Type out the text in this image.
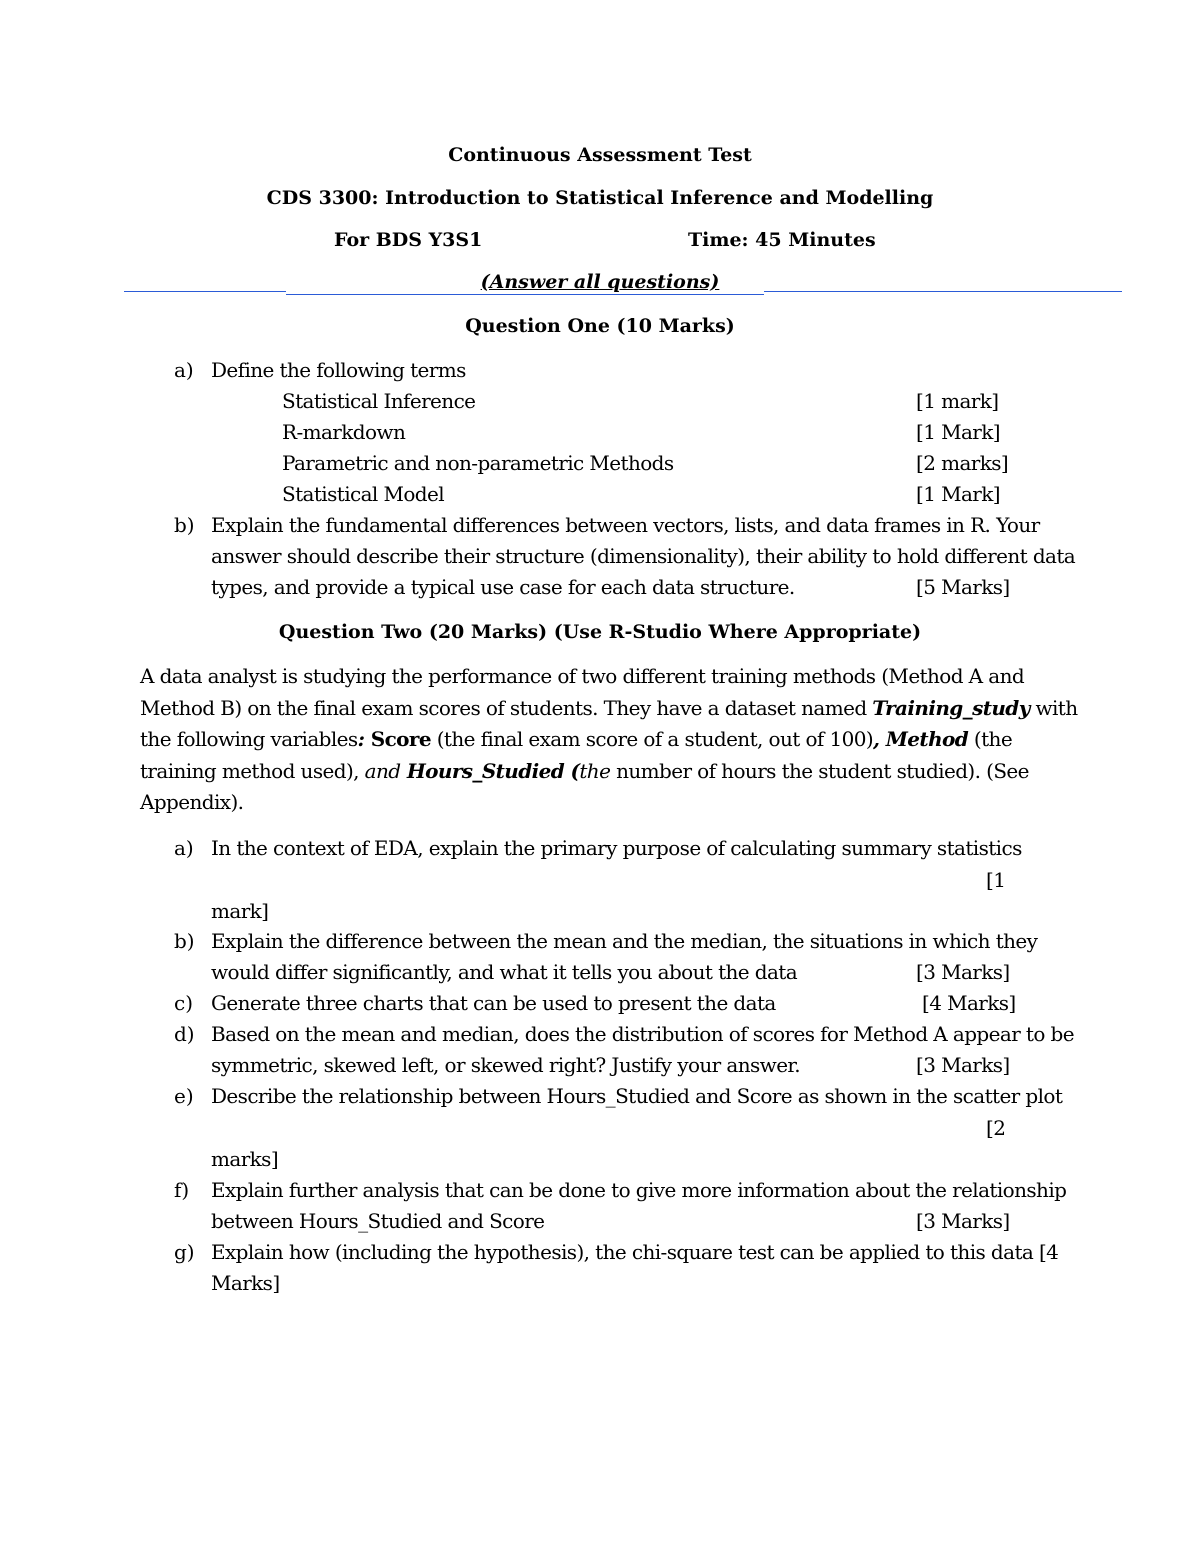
Continuous Assessment Test
CDS 3300: Introduction to Statistical Inference and Modelling
For BDS Y3S1	Time: 45 Minutes
(Answer all questions)
Question One (10 Marks)
a) Define the following terms
Statistical Inference	[1 mark]
R-markdown	[1 Mark]
Parametric and non-parametric Methods	[2 marks]
Statistical Model	[1 Mark]
b) Explain the fundamental differences between vectors, lists, and data frames in R. Your
answer should describe their structure (dimensionality), their ability to hold different data
types, and provide a typical use case for each data structure.	[5 Marks]
Question Two (20 Marks) (Use R-Studio Where Appropriate)
A data analyst is studying the performance of two different training methods (Method A and
Method B) on the final exam scores of students. They have a dataset named Training_study with
the following variables: Score (the final exam score of a student, out of 100), Method (the
training method used), and Hours_Studied (the number of hours the student studied). (See
Appendix).
a) In the context of EDA, explain the primary purpose of calculating summary statistics
[1
mark]
b) Explain the difference between the mean and the median, the situations in which they
would differ significantly, and what it tells you about the data	[3 Marks]
c) Generate three charts that can be used to present the data	[4 Marks]
d) Based on the mean and median, does the distribution of scores for Method A appear to be
symmetric, skewed left, or skewed right? Justify your answer.	[3 Marks]
e) Describe the relationship between Hours_Studied and Score as shown in the scatter plot
[2
marks]
f) Explain further analysis that can be done to give more information about the relationship
between Hours_Studied and Score	[3 Marks]
g) Explain how (including the hypothesis), the chi-square test can be applied to this data [4
Marks]
